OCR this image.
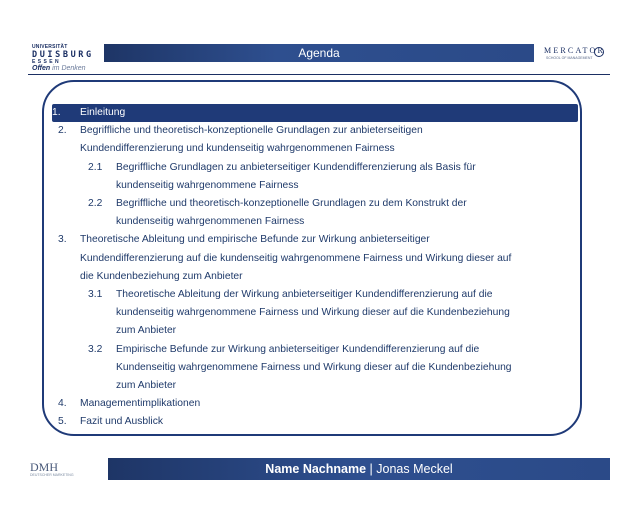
UNIVERSITÄT
DUISBURG
ESSEN
Agenda	MERCATOR
SCHOOL OF MANAGEMENT
Offen im Denken
1.	Einleitung
2.	Begriffliche und theoretisch-konzeptionelle Grundlagen zur anbieterseitigen
Kundendifferenzierung und kundenseitig wahrgenommenen Fairness
2.1	Begriffliche Grundlagen zu anbieterseitiger Kundendifferenzierung als Basis für
kundenseitig wahrgenommene Fairness
2.2	Begriffliche und theoretisch-konzeptionelle Grundlagen zu dem Konstrukt der
kundenseitig wahrgenommenen Fairness
3.	Theoretische Ableitung und empirische Befunde zur Wirkung anbieterseitiger
Kundendifferenzierung auf die kundenseitig wahrgenommene Fairness und Wirkung dieser auf
die Kundenbeziehung zum Anbieter
3.1	Theoretische Ableitung der Wirkung anbieterseitiger Kundendifferenzierung auf die
kundenseitig wahrgenommene Fairness und Wirkung dieser auf die Kundenbeziehung
zum Anbieter
3.2	Empirische Befunde zur Wirkung anbieterseitiger Kundendifferenzierung auf die
Kundenseitig wahrgenommene Fairness und Wirkung dieser auf die Kundenbeziehung
zum Anbieter
4.	Managementimplikationen
5.	Fazit und Ausblick
DMH
DEUTSCHER MARKETING	Name Nachname | Jonas Meckel
